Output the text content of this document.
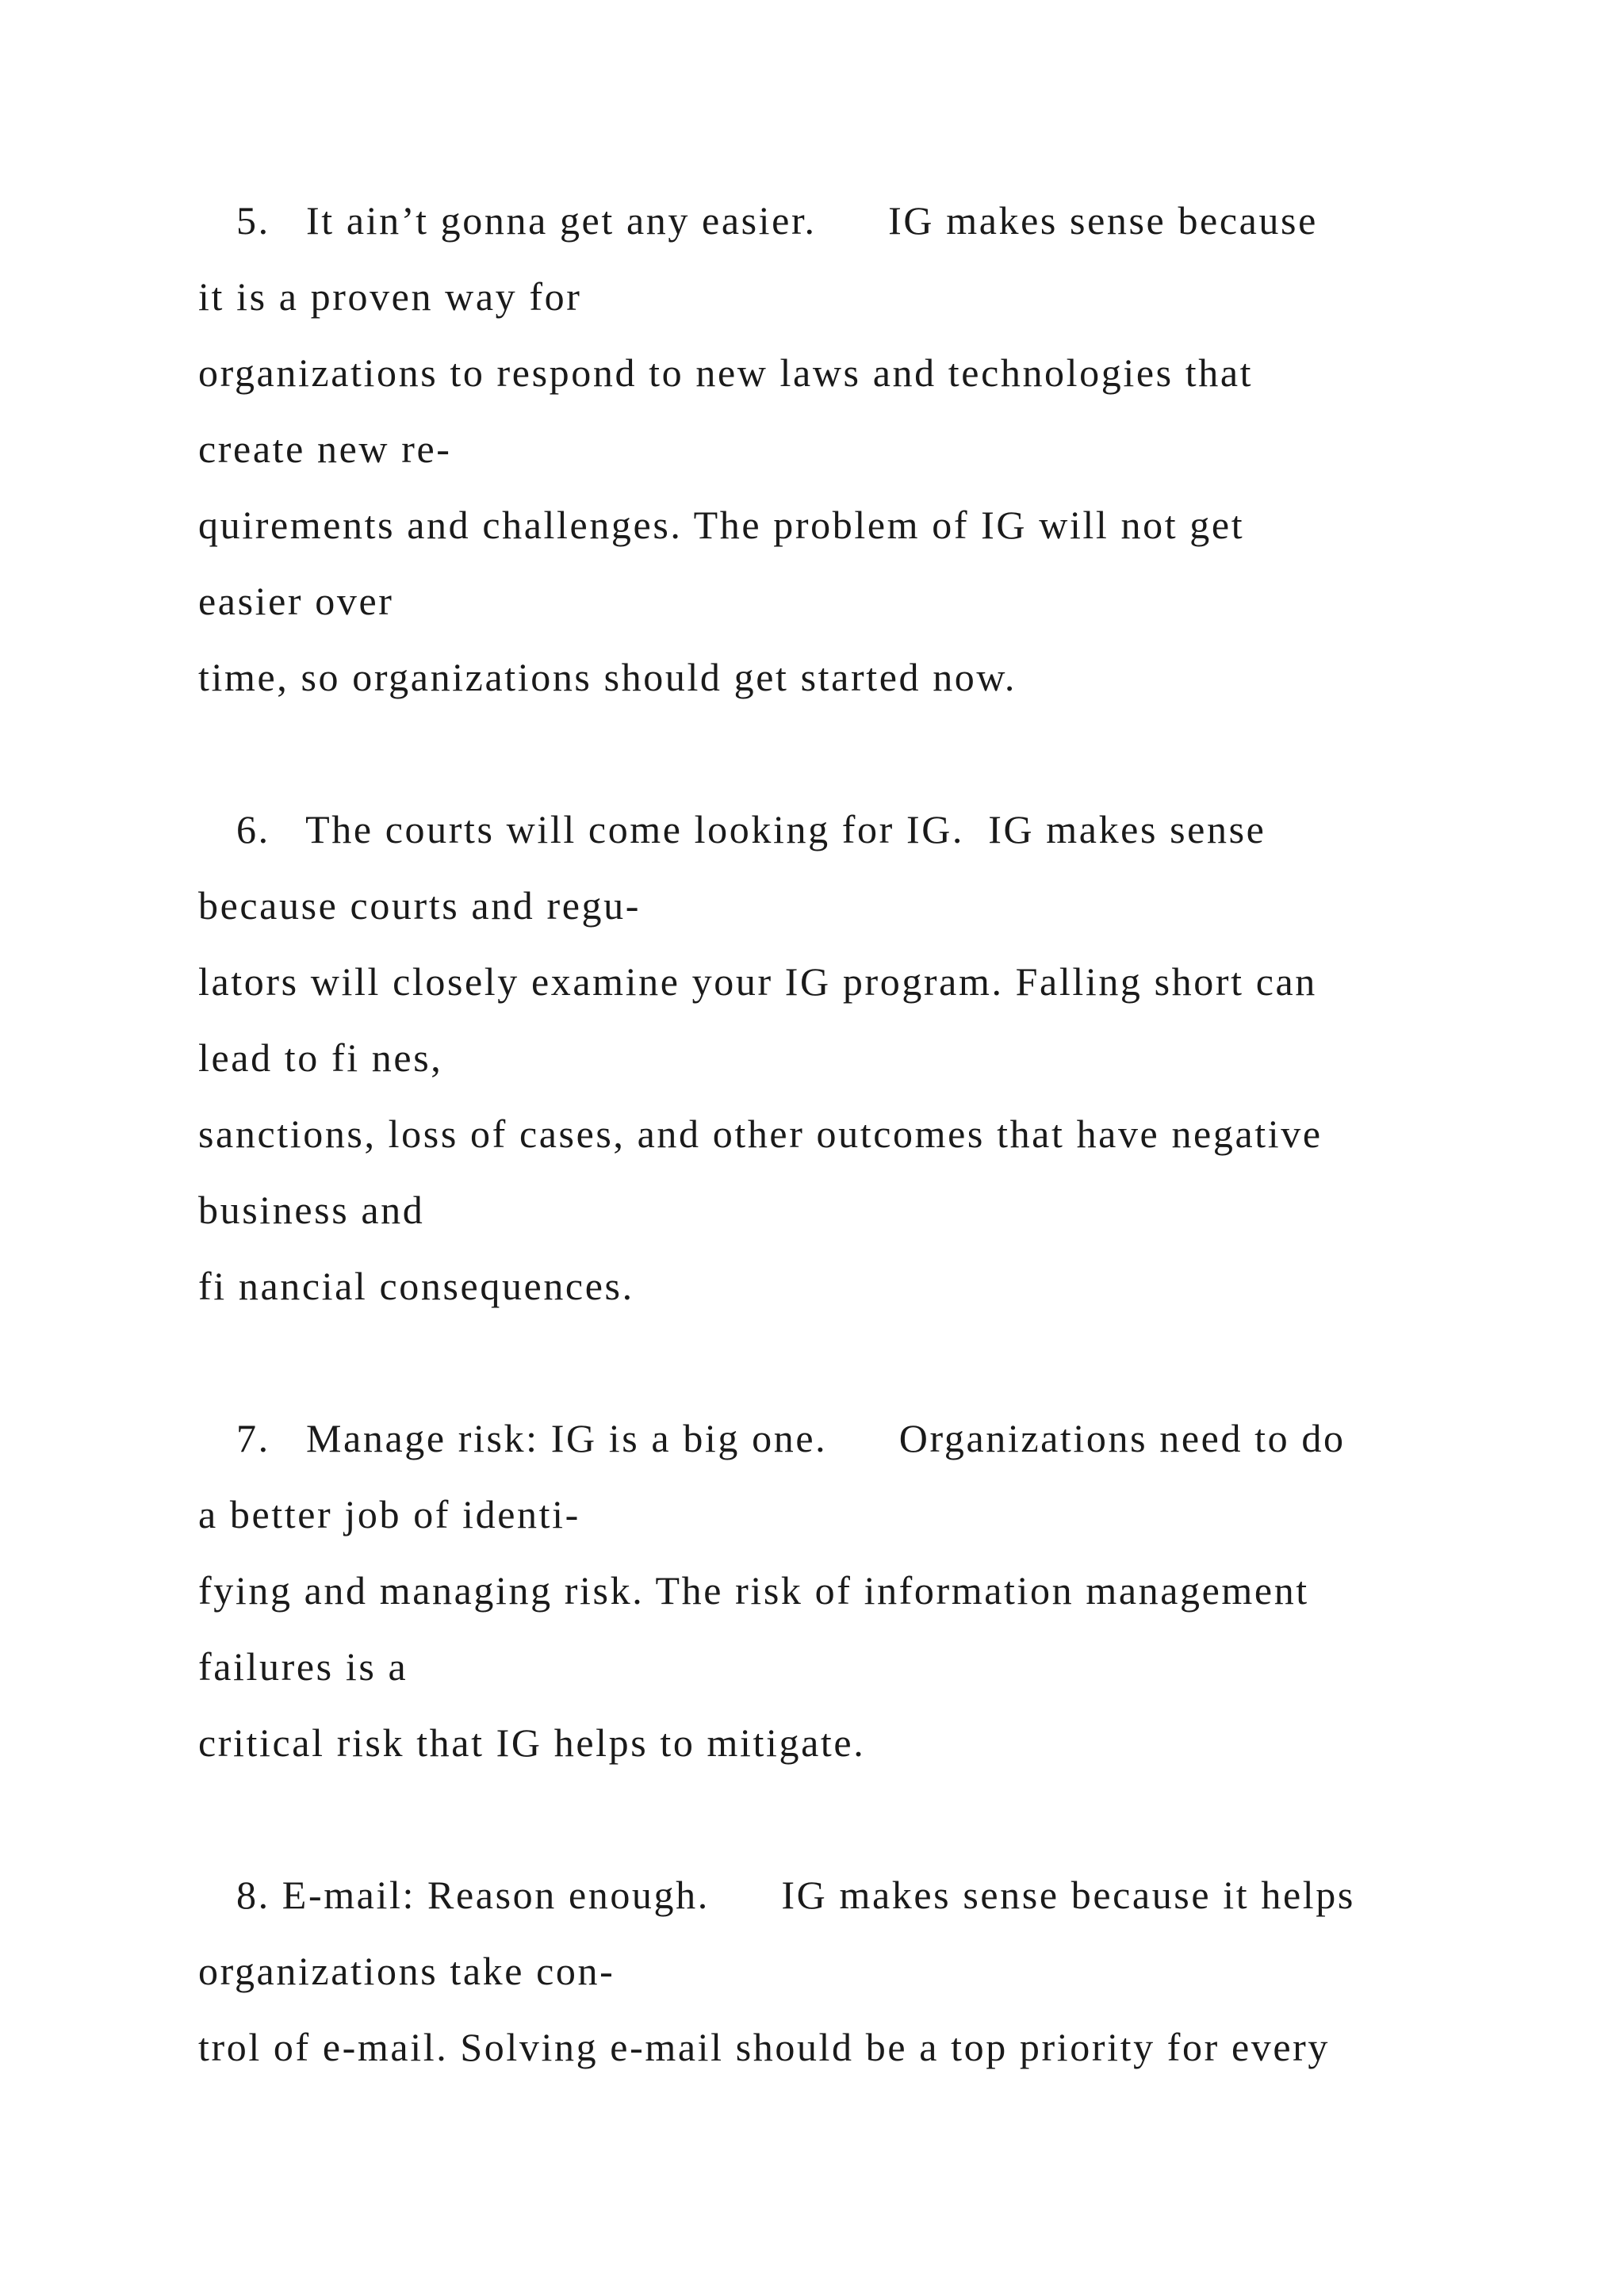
5.   It ain’t gonna get any easier.      IG makes sense because

it is a proven way for

organizations to respond to new laws and technologies that

create new re-

quirements and challenges. The problem of IG will not get

easier over

time, so organizations should get started now.

6.   The courts will come looking for IG.  IG makes sense

because courts and regu-

lators will closely examine your IG program. Falling short can

lead to fi nes,

sanctions, loss of cases, and other outcomes that have negative

business and

fi nancial consequences.

7.   Manage risk: IG is a big one.      Organizations need to do

a better job of identi-

fying and managing risk. The risk of information management

failures is a

critical risk that IG helps to mitigate.

8. E-mail: Reason enough.      IG makes sense because it helps

organizations take con-

trol of e-mail. Solving e-mail should be a top priority for every
